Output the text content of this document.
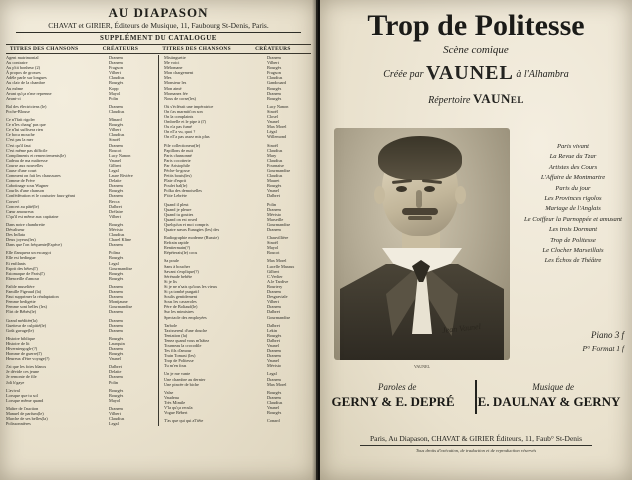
AU DIAPASON
CHAVAT et GIRIER, Éditeurs de Musique, 11, Faubourg St-Denis, Paris.
SUPPLÉMENT DU CATALOGUE
TITRES DES CHANSONS	CRÉATEURS	TITRES DES CHANSONS	CRÉATEURS
Agent matrimonial	Dranem
Au contraire	Dranem
Au p'tit bonheur (2)	Fragson
À propos de grosses	Vilbert
Adèle parle sur longues	Claudius
Au clair de la chambre	Bourgès
Au môme	Kopp
Avant qu'ça n'me reprenne	Mayol
Avant-ci	Polin
Bal des électriciens (le)	Dranem
Poche-Blouse	Claudius
Ce n'l'fait rigoler	Minard
Ce n'les chang' pas que	Bourgès
Ce n'lui suffisera rien	Vilbert
Ce boca mouche	Claudius
C'est pas la mer	Sinoël
C'est qu'il faut	Dranem
C'est même pas difficile	Boucot
Compliments et remerciements(le)	Lucy Nanon
Cadeau de ma maîtresse	Vaunel
Course aux nouvelles	Gilbert
Cause d'une court	Legal
Comment on fait les chaussures	Laure Rivière
Comme de Frère	Delaite
Cabotinage sous Wagner	Dranem
Courlis d'une chanson	Bourgès
Confédération et le couturier faux-géant	Dranem
Corserl	Becca
Concert au pâté(le)	Dalbret
Cœur amoureux	Drélaire
C'qu'il est même aux capitaine	Vilbert
Dans notre chambrette	Bourgès
Dévaliseur	Mévisto
Des Inflata	Claudius
Deux joyeux(les)	Charel Kline
Dans que l'on fréquente(Espèce)	Dranem
Elle flanquera un escargot	Polina
Elle est bedingue	Bourgès
Et enfilants	Legal
Esprit des bêtes(l')	Gourmandise
Estomaque de Paris(l')	Bourgès
Ebenceille d'amour	Bourgès
Faible muselière	Dranem
Famille Figeaud (la)	Dranem
Faut supprimer la réadaptation	Dranem
Femme bedigette	Montjaune
Femme sont belles (les)	Gourmandise
Flirt de Bébés(le)	Dranem
Grand méditée(la)	Dranem
Guetteur de culpitié(le)	Dranem
Goût gavage(le)	Dranem
Histoire biblique	Bourgès
Histoire de lit	Laurquin
Hiverniergogh-(?)	Dranem
Homme de guerre(l')	Bourgès
Heureux d'être voyage(?)	Vaunel
J'ai que les foies blancs	Dalbret
Je dévide ces jeune	Delaite
Je remonte de file	Dranem
Joli b'gaye	Polin
L'avival	Bourgès
Lorsque que tu sol	Bourgès
Lorsque même quand	Mayol
Maître de l'auction	Dranem
Manuel de parfum(le)	Vilbert
Marche de ses belles(la)	Claudius
Polissonnières	Legal
Mistinguette	Dranem
Me voici	Vilbert
Mélomane	Bourgès
Mon chargement	Fragson
Mes	Claudius
Monsieur les	Gandouard
Mon aimé	Bourgès
Mornanez fée	Dranem
Nous de corse(les)	Bourgès
Où s'éclérait une impératrice	Lucy Nanon
On t'as marmitt'on son	Sinoël
On la complaints	Closel
Ombrelle et le pipe à (l')	Vaunel
Ou n'a pas fumé	Max Morel
On n'l'a vu, quoi ?	Légal
On n'l'a pas assez mis plus	Willemond
Pile collectioneur(le)	Sinoël
Papillons de nuit	Claudius
Paris chansonné	Mary
Paris cocotterie	Claudius
Par Aristophile	Fournaise
Péche-la-gosse	Gourmandise
Petits bouts(les)	Claudius
Plaie d'esprit	Mauret
Poulet bal(le)	Bourgès
Polka des demoiselles	Vaunel
P'tite Lebrète	Dalbret
Quand il pleut	Polin
Quand je pleure	Dranem
Quand tu gouttes	Mévisto
Quand on est rosed	Marseille
Quelqu'un et moi compris	Gourmandise
Quatre sœurs Eunagies (les) des	Dranem
Radiographie moderne (Russie)	Chauvillière
Refrain rapide	Sinoël
Rentiermain(?)	Mayol
Répéterais(le) cocu	Boucot
Sa poule	Max Morel
Sans à boucher	Lucelle Maraux
Savant s'explique(?)	Gilbert
Sérénade bebête	C.Verlier
Si je lis	A.le Tardive
Si je ne n'sais qu'tous les vieux	Bourtery
Si ça tombé purgatif	Dranem
Soulis gentidement	Desgraviale
Sous les casseroles	Vilbert
Père de Boliaud(le)	Dranem
Sur les mimistres	Dalbret
Spectacle des employées	Gourmandise
Tarbole	Dalbret
Taxissereul d'une douche	Lekin
Tentation (la)	Bourgès
Tenez quand vous m'hâtez	Dalbret
Tourneau la crocodile	Vaunel
Tes fils d'amour	Dranem
Train Tomasi (les)	Dranem
Trop de Politesse	Vaunel
Tu m'en fous	Mévisto
Un je me vante	Legal
Une chambre au dernier	Dranem
Une pincée de biche	Max Morel
Valse	Bourgès
Vaudeau	Dranem
Très Mimile	Claudius
V'la qu'ça recula	Vaunel
Vogue Bébert	Bourgès
T'as que qui qui a'l'tête	Conard
Trop de Politesse
Scène comique
Créée par VAUNEL à l'Alhambra
Répertoire VAUNEL
Jean Vaunel
VAUNEL
Paris vivant
La Revue du Tzar
Artistes des Cours
L'Affaire de Montmartre
Paris du jour
Les Provinces rigolos
Mariage de l'Anglais
Le Coiffeur la Parnoppée et amusant
Les trois Dormant
Trop de Politesse
Le Clocher Marseillais
Les Échos de Théâtre
Piano 3 f
P° Format 1 f
Paroles de	Musique de
GERNY & E. DEPRÉ E. DAULNAY & GERNY
Paris, Au Diapason, CHAVAT & GIRIER Éditeurs, 11, Faub° St-Denis
Tous droits d'exécution, de traduction et de reproduction réservés
